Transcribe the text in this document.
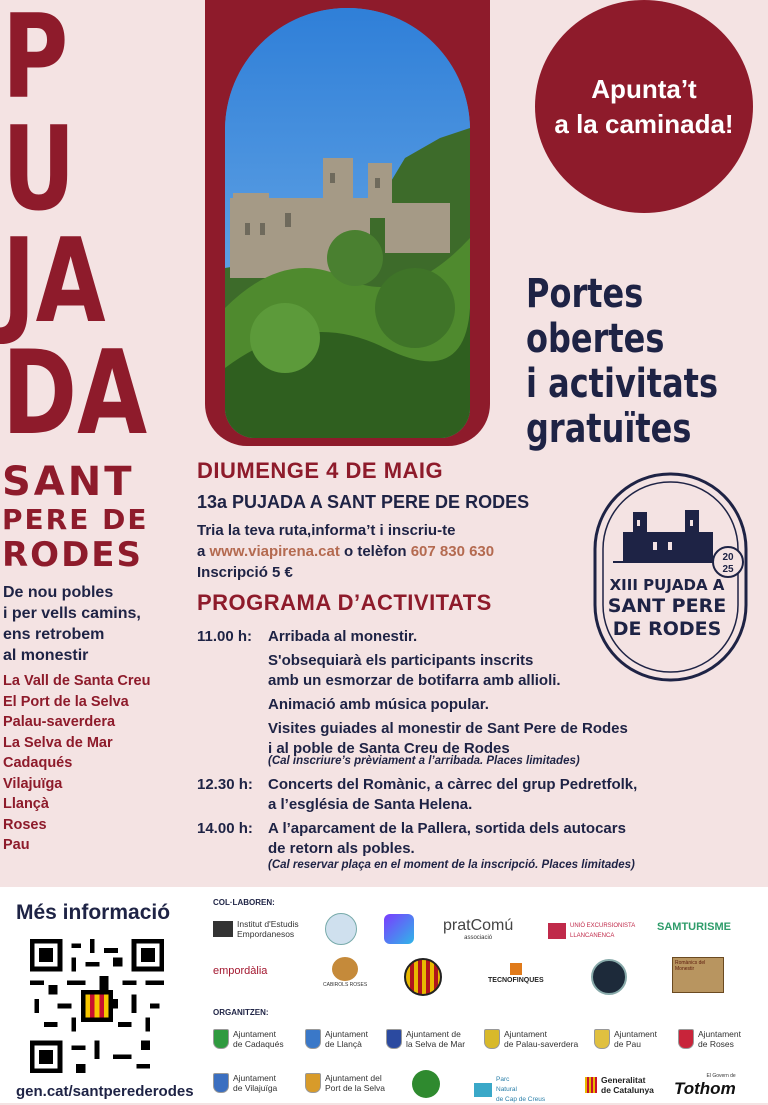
P
U
JA
DA
SANT
PERE DE
RODES
De nou pobles
i per vells camins,
ens retrobem
al monestir
La Vall de Santa Creu
El Port de la Selva
Palau-saverdera
La Selva de Mar
Cadaqués
Vilajuïga
Llançà
Roses
Pau
Apunta’t
a la caminada!
Portes
obertes
i activitats
gratuïtes
DIUMENGE 4 DE MAIG
13a PUJADA A SANT PERE DE RODES
Tria la teva ruta,informa’t i inscriu-te
a www.viapirena.cat o telèfon 607 830 630
Inscripció 5 €
PROGRAMA D’ACTIVITATS
11.00 h: Arribada al monestir.
S'obsequiarà els participants inscrits
amb un esmorzar de botifarra amb allioli.
Animació amb música popular.
Visites guiades al monestir de Sant Pere de Rodes
i al poble de Santa Creu de Rodes
(Cal inscriure’s prèviament a l’arribada. Places limitades)
12.30 h: Concerts del Romànic, a càrrec del grup Pedretfolk,
a l’església de Santa Helena.
14.00 h: A l’aparcament de la Pallera, sortida dels autocars
de retorn als pobles.
(Cal reservar plaça en el moment de la inscripció. Places limitades)
20
25
XIII PUJADA A
SANT PERE
DE RODES
Més informació
gen.cat/santperederodes
COL·LABOREN:
Institut d'Estudis Empordanesos	pratComú
associació
UNIÓ EXCURSIONISTA LLANCANENCA
SAMTURISME
empordàlia
CABIROLS ROSES
TECNOFINQUES
Romànics del Monestir
ORGANITZEN:
Ajuntament
de Cadaqués
Ajuntament
de Llançà
Ajuntament de
la Selva de Mar
Ajuntament
de Palau-saverdera
Ajuntament
de Pau
Ajuntament
de Roses
Ajuntament
de Vilajuïga
Ajuntament del
Port de la Selva
Parc
Natural
de Cap de Creus
Generalitat
de Catalunya
El Govern de
Tothom
